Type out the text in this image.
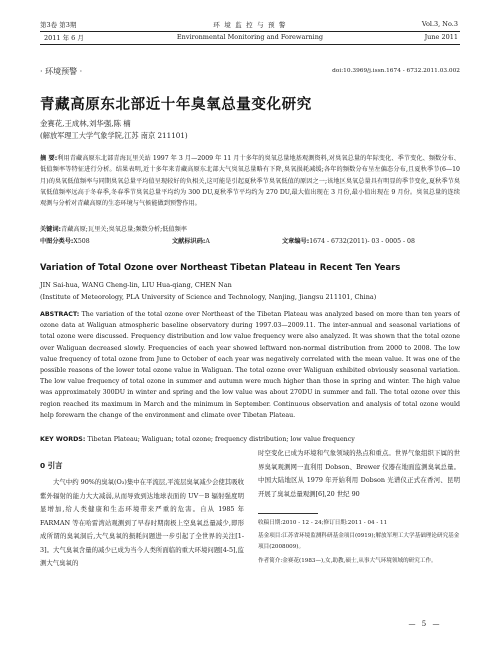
第3卷 第3期
2011 年 6 月
环 境 监 控 与 预 警
Environmental Monitoring and Forewarning
Vol.3, No.3
June 2011
· 环境预警 ·	doi:10.3969/j.issn.1674 - 6732.2011.03.002
青藏高原东北部近十年臭氧总量变化研究
金赛花,王成林,刘华强,陈 楠
(解放军理工大学气象学院,江苏 南京 211101)
摘 要:利用青藏高原东北部青海瓦里关站 1997 年 3 月—2009 年 11 月十多年的臭氧总量地基观测资料,对臭氧总量的年际变化、季节变化、频数分布、低值频率等特征进行分析。结果表明,近十多年来青藏高原东北部大气臭氧总量略有下降,臭氧损耗减缓;各年的频数分布呈左偏态分布,且夏秋季节(6—10 月)的臭氧低值频率与同期臭氧总量平均值呈现较好的负相关,这可能是引起夏秋季节臭氧低值的原因之一;该地区臭氧总量具有明显的季节变化,夏秋季节臭氧低值频率远高于冬春季,冬春季节臭氧总量平均约为 300 DU,夏秋季节平均约为 270 DU,最大值出现在 3 月份,最小值出现在 9 月份。臭氧总量的连续观测与分析对青藏高原的生态环境与气候能做到预警作用。
关键词:青藏高原;瓦里关;臭氧总量;频数分析;低值频率
中图分类号:X508	文献标识码:A	文章编号:1674 - 6732(2011)- 03 - 0005 - 08
Variation of Total Ozone over Northeast Tibetan Plateau in Recent Ten Years
JIN Sai-hua, WANG Cheng-lin, LIU Hua-qiang, CHEN Nan
(Institute of Meteorology, PLA University of Science and Technology, Nanjing, Jiangsu 211101, China)
ABSTRACT: The variation of the total ozone over Northeast of the Tibetan Plateau was analyzed based on more than ten years of ozone data at Waliguan atmospheric baseline observatory during 1997.03—2009.11. The inter-annual and seasonal variations of total ozone were discussed. Frequency distribution and low value frequency were also analyzed. It was shown that the total ozone over Waliguan decreased slowly. Frequencies of each year showed leftward non-normal distribution from 2000 to 2008. The low value frequency of total ozone from June to October of each year was negatively correlated with the mean value. It was one of the possible reasons of the lower total ozone value in Waliguan. The total ozone over Waliguan exhibited obviously seasonal variation. The low value frequency of total ozone in summer and autumn were much higher than those in spring and winter. The high value was approximately 300DU in winter and spring and the low value was about 270DU in summer and fall. The total ozone over this region reached its maximum in March and the minimum in September. Continuous observation and analysis of total ozone would help forewarn the change of the environment and climate over Tibetan Plateau.
KEY WORDS: Tibetan Plateau; Waliguan; total ozone; frequency distribution; low value frequency
0 引言
大气中约 90%的臭氧(O₃)集中在平流层,平流层臭氧减少会使其吸收紫外辐射的能力大大减弱,从而导致到达地球表面的 UV－B 辐射强度明显增加,给人类健康和生态环境带来严重的危害。自从 1985 年 FARMAN 等在哈雷湾站观测到了早春时期南极上空臭氧总量减少,即形成所谓的臭氧洞后,大气臭氧的损耗问题进一步引起了全世界的关注[1-3]。大气臭氧含量的减少已成为当今人类所面临的重大环境问题[4-5],监测大气臭氧的
时空变化已成为环境和气象领域的热点和重点。世界气象组织下属的世界臭氧观测网一直利用 Dobson、Brewer 仪器在地面监测臭氧总量。中国大陆地区从 1979 年开始利用 Dobson 光谱仪正式在香河、昆明开展了臭氧总量观测[6],20 世纪 90
收稿日期:2010 - 12 - 24;修订日期:2011 - 04 - 11
基金项目:江苏省环境监测科研基金项目(0919);解放军理工大学基础理论研究基金项目(2008009)。
作者简介:金赛花(1983—),女,助教,硕士,从事大气环境领域的研究工作。
— 5 —
